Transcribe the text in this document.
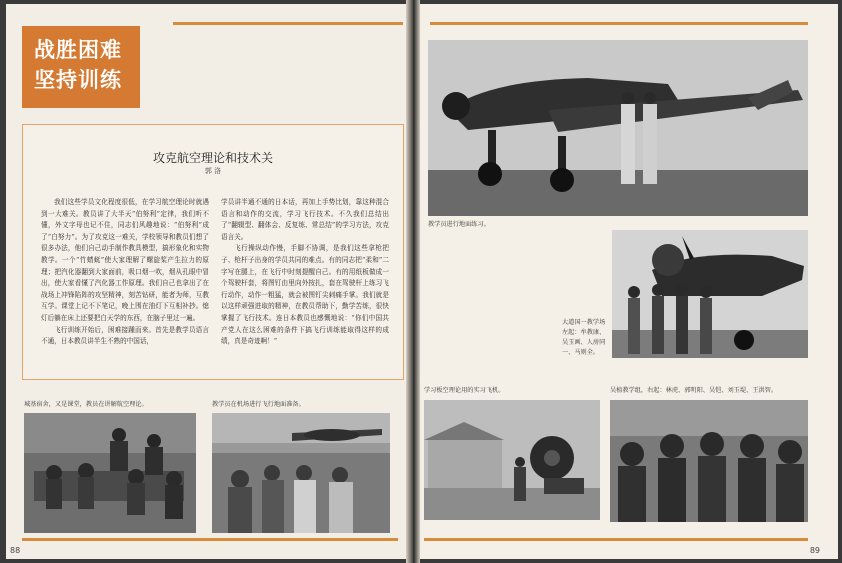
战胜困难
坚持训练
攻克航空理论和技术关
郭 洛

我们这些学员文化程度很低，在学习航空理论时就遇到一大难关。教员讲了大半天“伯努利”定律，我们听不懂，外文字母也记不住，同志们风趣地说：“伯努利”成了“白努力”。为了攻克这一难关，学校领导和教员们想了很多办法，他们自己动手制作教具模型，搞形象化和实物教学。一个“竹蜻蜓”使大家理解了螺旋桨产生拉力的原理；把汽化器翻到大家面前，吸口烟一吹，烟从孔眼中冒出，使大家看懂了汽化器工作原理。我们自己也拿出了在战场上冲锋陷阵的攻坚精神，刻苦钻研，能者为师，互教互学。课堂上记不下笔记，晚上围在油灯下互相补抄。熄灯后躺在床上还要把白天学的东西，在脑子里过一遍。

飞行训练开始后，困难接踵而来。首先是教学员语言不通，日本教员讲半生不熟的中国话，

学员讲半通不通的日本话，再加上手势比划，靠这种混合语言和动作的交流，学习飞行技术。不久我们总结出了“翻辍型、翻体会、反复练、常总结”的学习方法，攻克语言关。

飞行操纵动作慢，手脚不协调，是我们这些拿枪把子、枪杆子出身的学员共同的难点。有的同志把“柔和”二字写在腿上，在飞行中时刻提醒自己。有的用纸板做成一个驾驶杆套，将图钉由里向外按扎，套在驾驶杆上练习飞行动作，动作一粗猛，就会被图钉尖刺痛手掌。我们就是以这样顽强进取的精神，在教员帮助下，勤学苦练，很快掌握了飞行技术。连日本教员也感慨地说：“你们中国共产党人在这么困难的条件下搞飞行训练能取得这样的成绩，真是奇迹啊！”

城基宿舍，又是课堂，教员在讲解航空理论。	教学员在机场进行飞行地面准备。
88
教学员进行地面练习。
大道国一教学场左起：牟教康、吴玉画、人房同一、马则全。
学习板空理论用的实习飞机。	吴植教学组，右起：林虎、郭明阳、吴恺、刘玉堤、王洪智。
89
